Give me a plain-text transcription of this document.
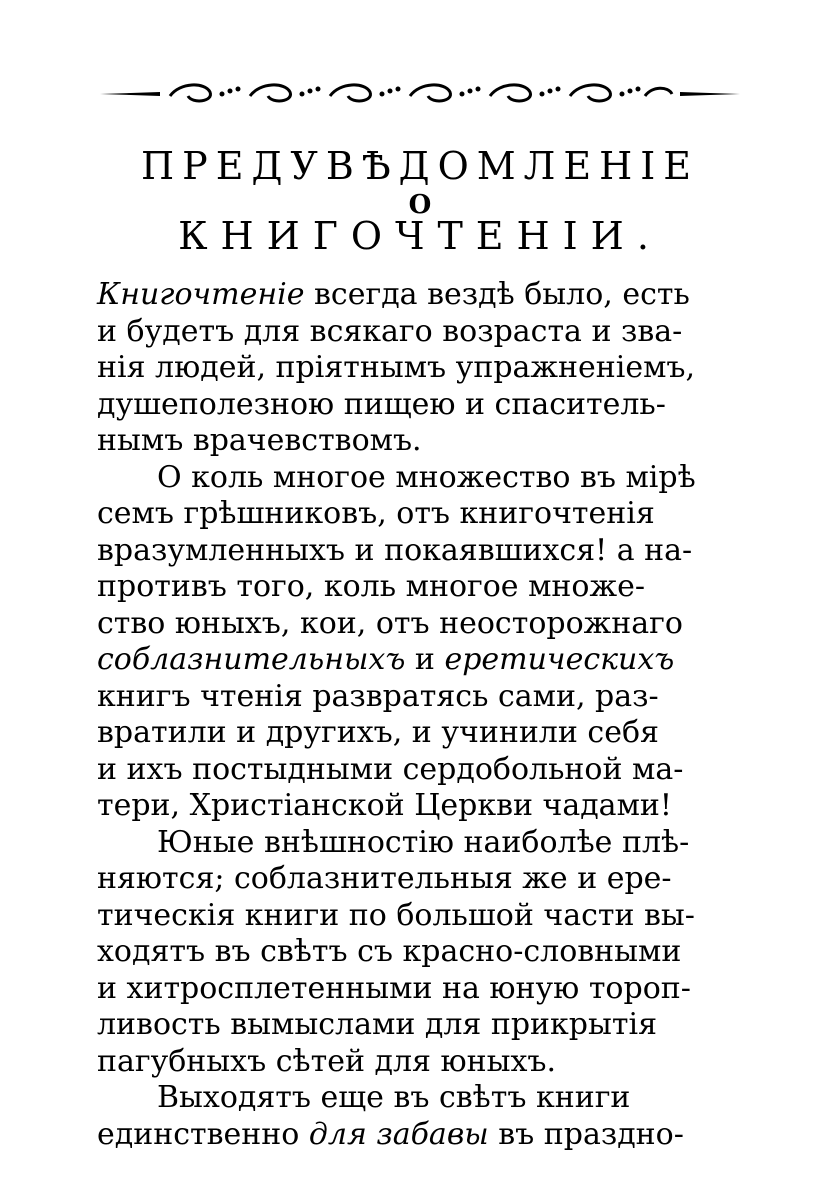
ПРЕДУВѢДОМЛЕНІЕ
О
КНИГОЧТЕНІИ.
Книгочтеніе всегда вездѣ было, есть
и будетъ для всякаго возраста и зва-
нія людей, пріятнымъ упражненіемъ,
душеполезною пищею и спаситель-
нымъ врачевствомъ.
О коль многое множество въ мірѣ
семъ грѣшниковъ, отъ книгочтенія
вразумленныхъ и покаявшихся! а на-
противъ того, коль многое множе-
ство юныхъ, кои, отъ неосторожнаго
соблазнительныхъ и еретическихъ
книгъ чтенія развратясь сами, раз-
вратили и другихъ, и учинили себя
и ихъ постыдными сердобольной ма-
тери, Христіанской Церкви чадами!
Юные внѣшностію наиболѣе плѣ-
няются; соблазнительныя же и ере-
тическія книги по большой части вы-
ходятъ въ свѣтъ съ красно-словными
и хитросплетенными на юную тороп-
ливость вымыслами для прикрытія
пагубныхъ сѣтей для юныхъ.
Выходятъ еще въ свѣтъ книги
единственно для забавы въ праздно-
